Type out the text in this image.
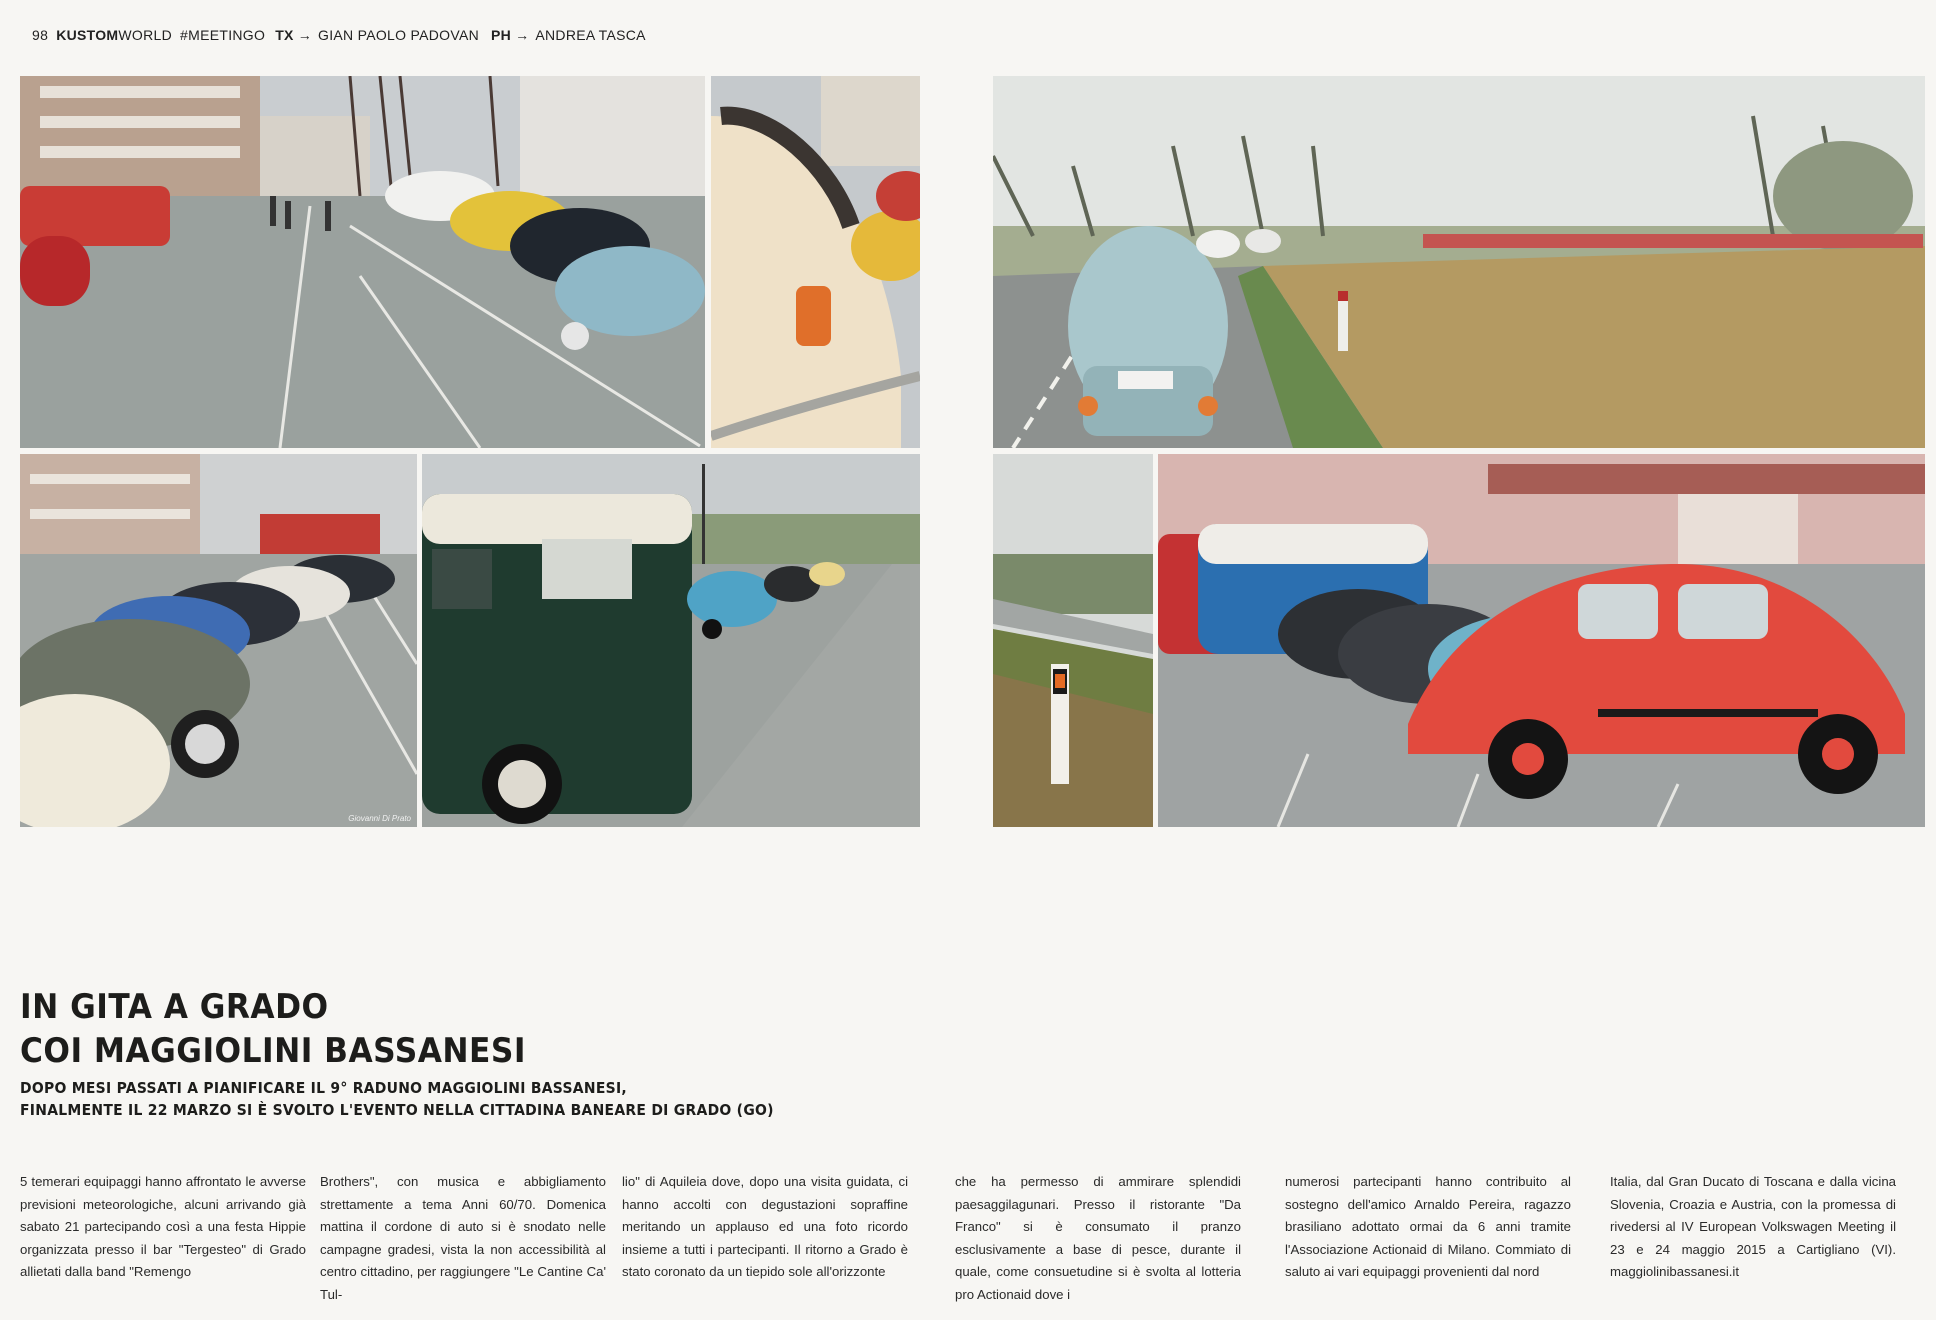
98 KUSTOMWORLD #MEETINGO TX → GIAN PAOLO PADOVAN PH → ANDREA TASCA
Giovanni Di Prato
IN GITA A GRADO
COI MAGGIOLINI BASSANESI
DOPO MESI PASSATI A PIANIFICARE IL 9° RADUNO MAGGIOLINI BASSANESI,
FINALMENTE IL 22 MARZO SI È SVOLTO L'EVENTO NELLA CITTADINA BANEARE DI GRADO (GO)

5 temerari equipaggi hanno affrontato le avverse previsioni meteorologiche, alcuni arrivando già sabato 21 partecipando così a una festa Hippie organizzata presso il bar "Tergesteo" di Grado allietati dalla band "Remengo

Brothers", con musica e abbigliamento strettamente a tema Anni 60/70. Domenica mattina il cordone di auto si è snodato nelle campagne gradesi, vista la non accessibilità al centro cittadino, per raggiungere "Le Cantine Ca' Tul-

lio" di Aquileia dove, dopo una visita guidata, ci hanno accolti con degustazioni sopraffine meritando un applauso ed una foto ricordo insieme a tutti i partecipanti. Il ritorno a Grado è stato coronato da un tiepido sole all'orizzonte

che ha permesso di ammirare splendidi paesaggilagunari. Presso il ristorante "Da Franco" si è consumato il pranzo esclusivamente a base di pesce, durante il quale, come consuetudine si è svolta al lotteria pro Actionaid dove i

numerosi partecipanti hanno contribuito al sostegno dell'amico Arnaldo Pereira, ragazzo brasiliano adottato ormai da 6 anni tramite l'Associazione Actionaid di Milano. Commiato di saluto ai vari equipaggi provenienti dal nord

Italia, dal Gran Ducato di Toscana e dalla vicina Slovenia, Croazia e Austria, con la promessa di rivedersi al IV European Volkswagen Meeting il 23 e 24 maggio 2015 a Cartigliano (VI). maggiolinibassanesi.it
